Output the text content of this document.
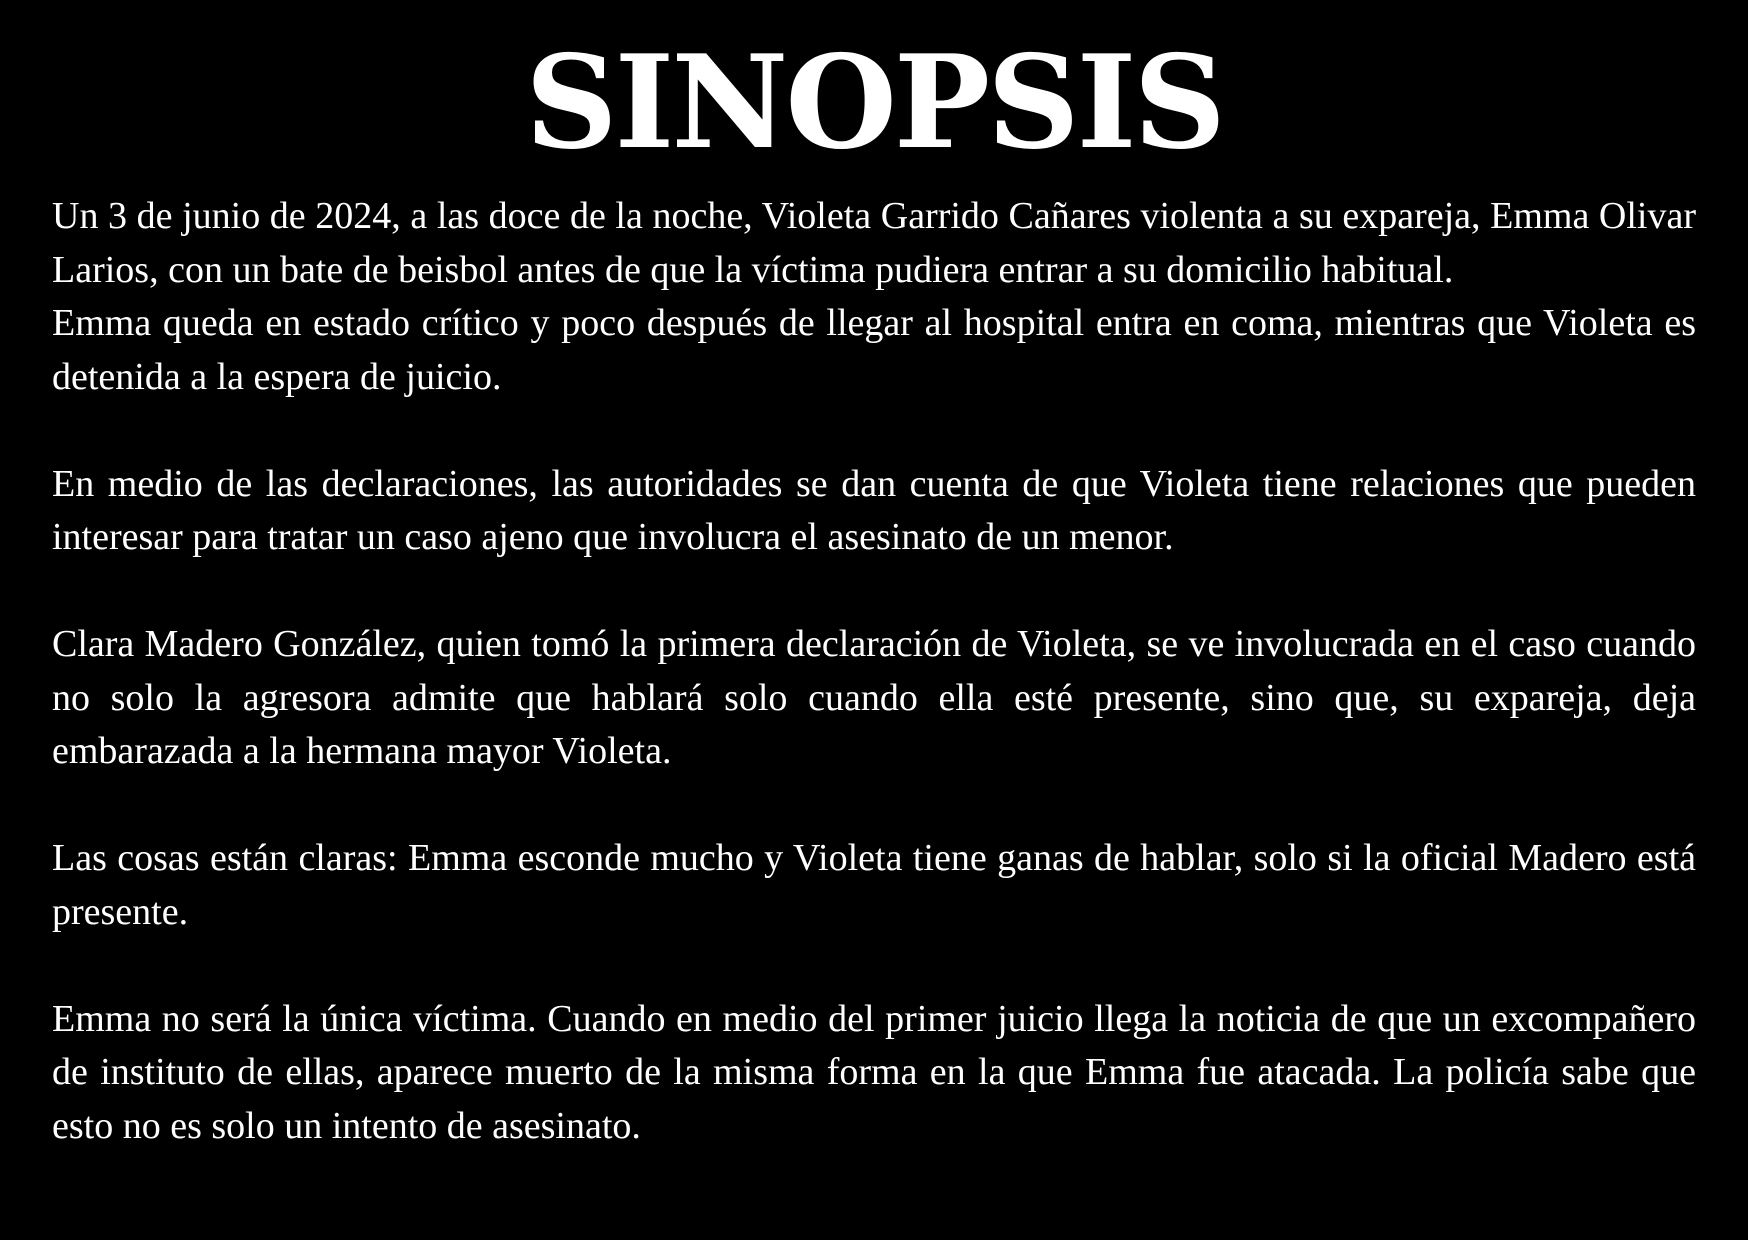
SINOPSIS

Un 3 de junio de 2024, a las doce de la noche, Violeta Garrido Cañares violenta a su expareja, Emma Olivar Larios, con un bate de beisbol antes de que la víctima pudiera entrar a su domicilio habitual.

Emma queda en estado crítico y poco después de llegar al hospital entra en coma, mientras que Violeta es detenida a la espera de juicio.

En medio de las declaraciones, las autoridades se dan cuenta de que Violeta tiene relaciones que pueden interesar para tratar un caso ajeno que involucra el asesinato de un menor.

Clara Madero González, quien tomó la primera declaración de Violeta, se ve involucrada en el caso cuando no solo la agresora admite que hablará solo cuando ella esté presente, sino que, su expareja, deja embarazada a la hermana mayor Violeta.

Las cosas están claras: Emma esconde mucho y Violeta tiene ganas de hablar, solo si la oficial Madero está presente.

Emma no será la única víctima. Cuando en medio del primer juicio llega la noticia de que un excompañero de instituto de ellas, aparece muerto de la misma forma en la que Emma fue atacada. La policía sabe que esto no es solo un intento de asesinato.
